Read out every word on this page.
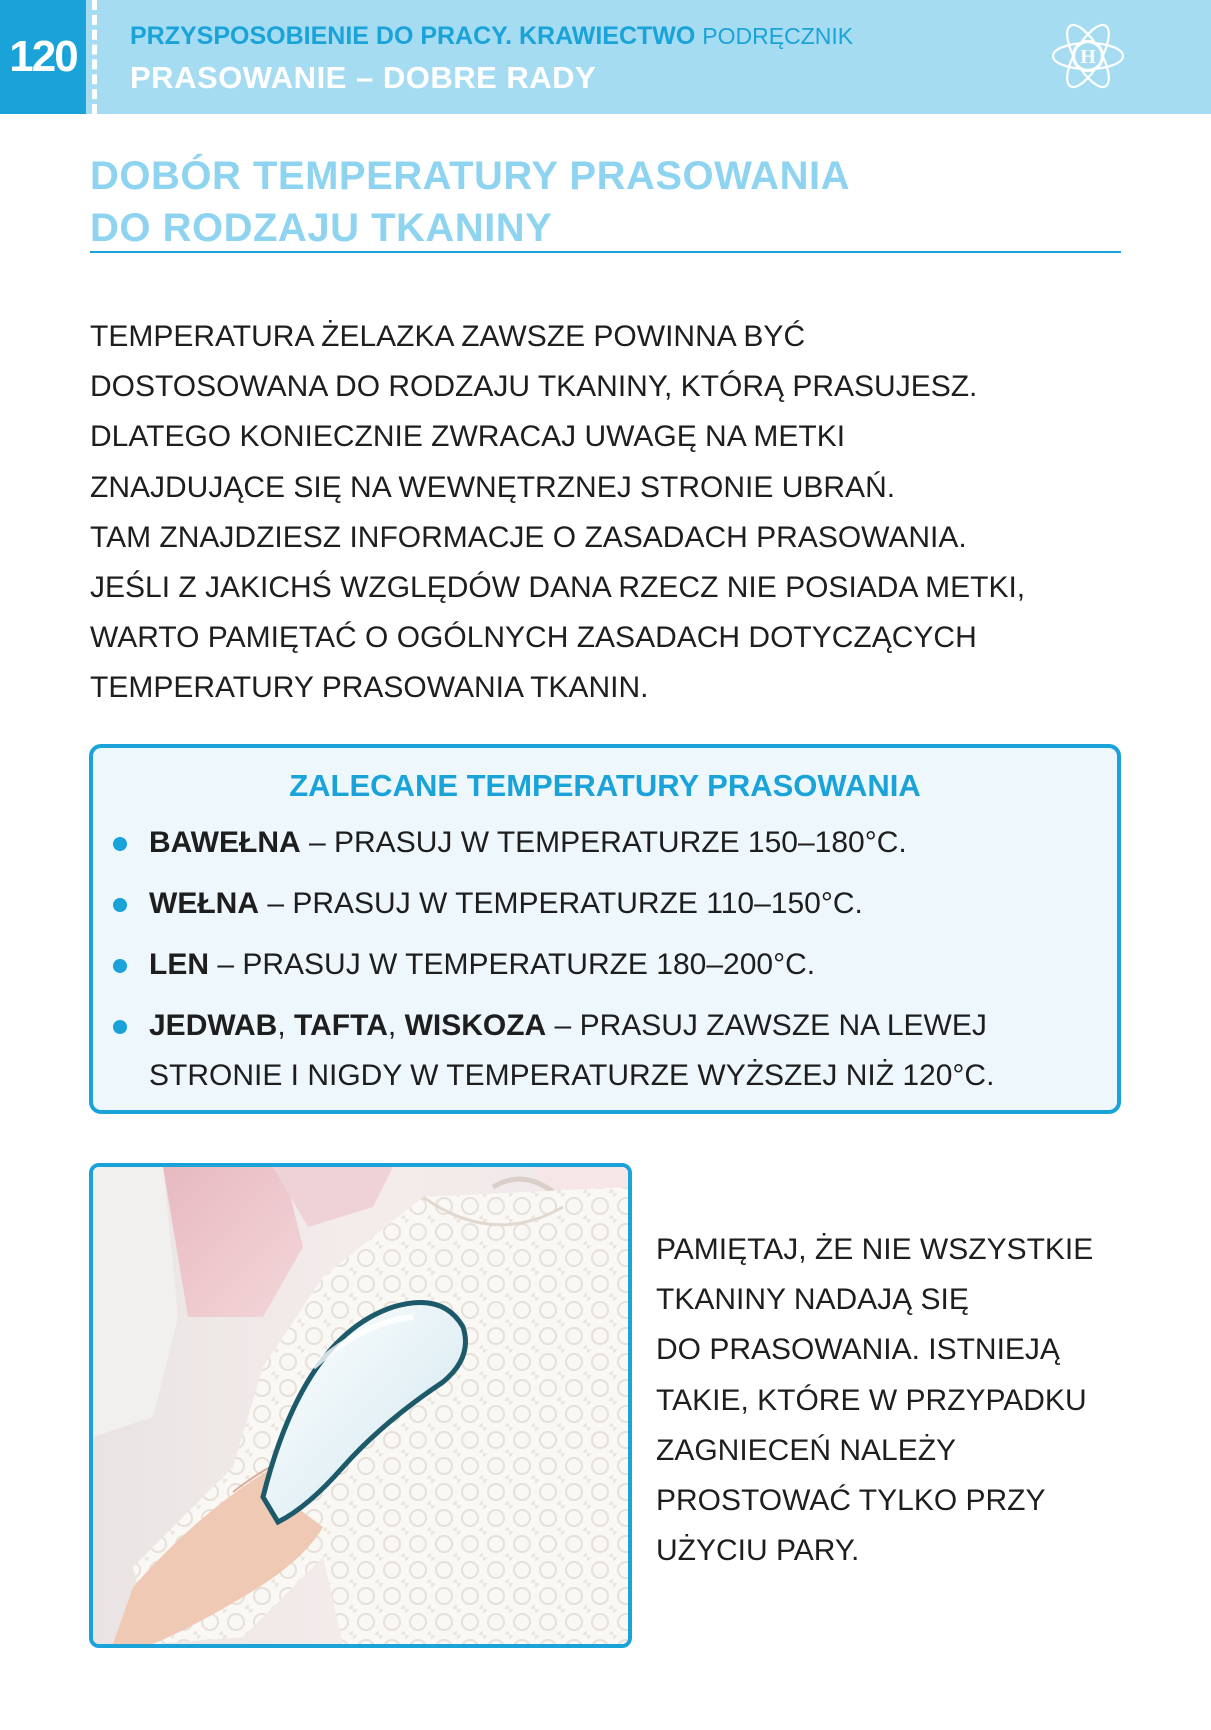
120	PRZYSPOSOBIENIE DO PRACY. KRAWIECTWO PODRĘCZNIK
PRASOWANIE – DOBRE RADY
H
DOBÓR TEMPERATURY PRASOWANIA
DO RODZAJU TKANINY
TEMPERATURA ŻELAZKA ZAWSZE POWINNA BYĆ
DOSTOSOWANA DO RODZAJU TKANINY, KTÓRĄ PRASUJESZ.
DLATEGO KONIECZNIE ZWRACAJ UWAGĘ NA METKI
ZNAJDUJĄCE SIĘ NA WEWNĘTRZNEJ STRONIE UBRAŃ.
TAM ZNAJDZIESZ INFORMACJE O ZASADACH PRASOWANIA.
JEŚLI Z JAKICHŚ WZGLĘDÓW DANA RZECZ NIE POSIADA METKI,
WARTO PAMIĘTAĆ O OGÓLNYCH ZASADACH DOTYCZĄCYCH
TEMPERATURY PRASOWANIA TKANIN.
ZALECANE TEMPERATURY PRASOWANIA
BAWEŁNA – PRASUJ W TEMPERATURZE 150–180°C.
WEŁNA – PRASUJ W TEMPERATURZE 110–150°C.
LEN – PRASUJ W TEMPERATURZE 180–200°C.
JEDWAB, TAFTA, WISKOZA – PRASUJ ZAWSZE NA LEWEJ
STRONIE I NIGDY W TEMPERATURZE WYŻSZEJ NIŻ 120°C.
PAMIĘTAJ, ŻE NIE WSZYSTKIE
TKANINY NADAJĄ SIĘ
DO PRASOWANIA. ISTNIEJĄ
TAKIE, KTÓRE W PRZYPADKU
ZAGNIECEŃ NALEŻY
PROSTOWAĆ TYLKO PRZY
UŻYCIU PARY.
